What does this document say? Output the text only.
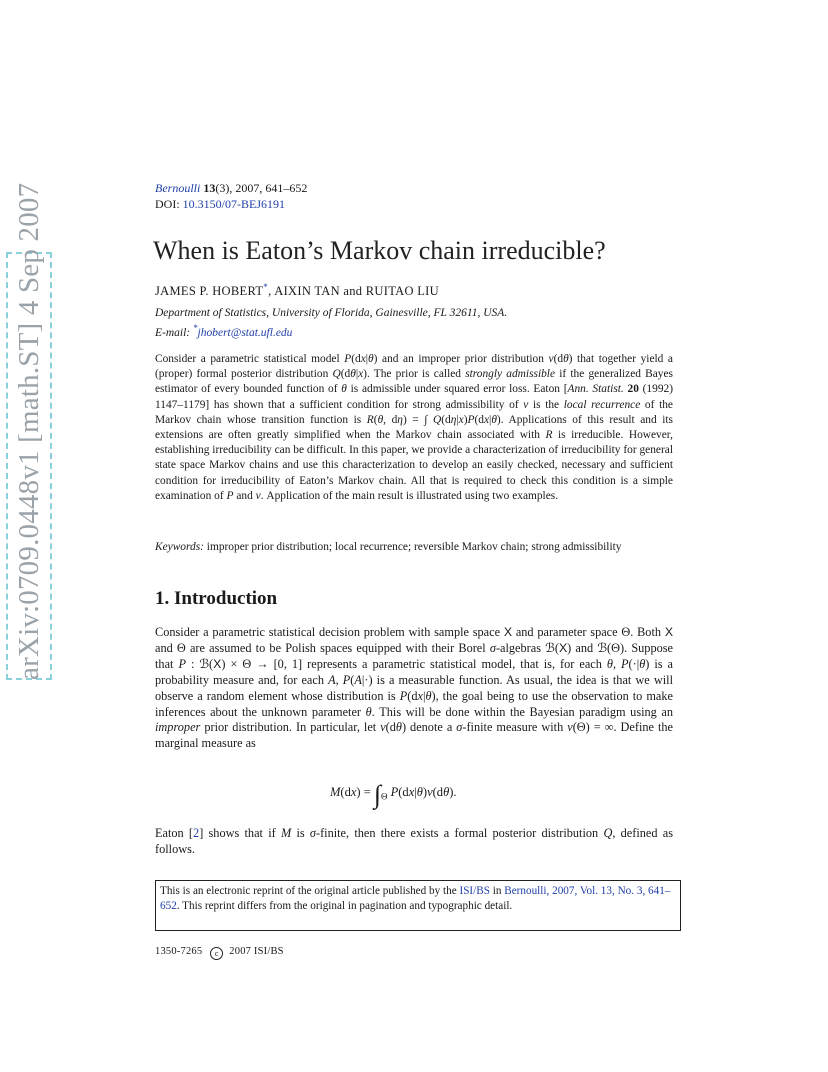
arXiv:0709.0448v1 [math.ST] 4 Sep 2007	Bernoulli 13(3), 2007, 641–652
DOI: 10.3150/07-BEJ6191
When is Eaton’s Markov chain irreducible?
JAMES P. HOBERT*, AIXIN TAN and RUITAO LIU
Department of Statistics, University of Florida, Gainesville, FL 32611, USA.
E-mail: *jhobert@stat.ufl.edu

Consider a parametric statistical model P(dx|θ) and an improper prior distribution ν(dθ) that together yield a (proper) formal posterior distribution Q(dθ|x). The prior is called strongly admissible if the generalized Bayes estimator of every bounded function of θ is admissible under squared error loss. Eaton [Ann. Statist. 20 (1992) 1147–1179] has shown that a sufficient condition for strong admissibility of ν is the local recurrence of the Markov chain whose transition function is R(θ, dη) = ∫ Q(dη|x)P(dx|θ). Applications of this result and its extensions are often greatly simplified when the Markov chain associated with R is irreducible. However, establishing irreducibility can be difficult. In this paper, we provide a characterization of irreducibility for general state space Markov chains and use this characterization to develop an easily checked, necessary and sufficient condition for irreducibility of Eaton’s Markov chain. All that is required to check this condition is a simple examination of P and ν. Application of the main result is illustrated using two examples.

Keywords: improper prior distribution; local recurrence; reversible Markov chain; strong admissibility
1. Introduction

Consider a parametric statistical decision problem with sample space X and parameter space Θ. Both X and Θ are assumed to be Polish spaces equipped with their Borel σ-algebras ℬ(X) and ℬ(Θ). Suppose that P : ℬ(X) × Θ → [0, 1] represents a parametric statistical model, that is, for each θ, P(·|θ) is a probability measure and, for each A, P(A|·) is a measurable function. As usual, the idea is that we will observe a random element whose distribution is P(dx|θ), the goal being to use the observation to make inferences about the unknown parameter θ. This will be done within the Bayesian paradigm using an improper prior distribution. In particular, let ν(dθ) denote a σ-finite measure with ν(Θ) = ∞. Define the marginal measure as

$M(dx) = \int_\Theta$ P(dx|θ)ν(dθ).

Eaton [2] shows that if M is σ-finite, then there exists a formal posterior distribution Q, defined as follows.

This is an electronic reprint of the original article published by the ISI/BS in Bernoulli, 2007, Vol. 13, No. 3, 641–652. This reprint differs from the original in pagination and typographic detail.
1350-7265 c 2007 ISI/BS
